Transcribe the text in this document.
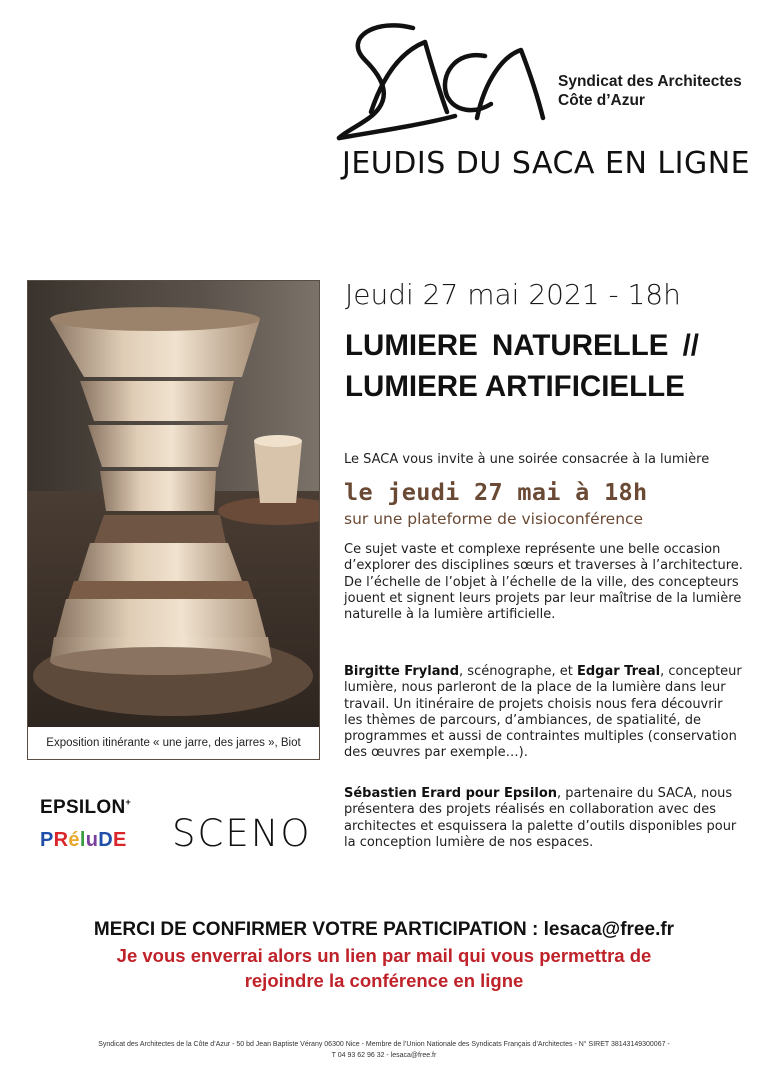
Syndicat des Architectes
Côte d’Azur
JEUDIS DU SACA EN LIGNE
Exposition itinérante « une jarre, des jarres », Biot
Jeudi 27 mai 2021 - 18h
LUMIERE NATURELLE //
LUMIERE ARTIFICIELLE
Le SACA vous invite à une soirée consacrée à la lumière
le jeudi 27 mai à 18h
sur une plateforme de visioconférence
Ce sujet vaste et complexe représente une belle occasion d’explorer des disciplines sœurs et traverses à l’architecture. De l’échelle de l’objet à l’échelle de la ville, des concepteurs jouent et signent leurs projets par leur maîtrise de la lumière naturelle à la lumière artificielle.
Birgitte Fryland, scénographe, et Edgar Treal, concepteur lumière, nous parleront de la place de la lumière dans leur travail. Un itinéraire de projets choisis nous fera découvrir les thèmes de parcours, d’ambiances, de spatialité, de programmes et aussi de contraintes multiples (conservation des œuvres par exemple…).
Sébastien Erard pour Epsilon, partenaire du SACA, nous présentera des projets réalisés en collaboration avec des architectes et esquissera la palette d’outils disponibles pour la conception lumière de nos espaces.
EPSILON+
PRéluDE SCENO
MERCI DE CONFIRMER VOTRE PARTICIPATION : lesaca@free.fr
Je vous enverrai alors un lien par mail qui vous permettra de
rejoindre la conférence en ligne
Syndicat des Architectes de la Côte d’Azur - 50 bd Jean Baptiste Vérany 06300 Nice - Membre de l’Union Nationale des Syndicats Français d’Architectes - N° SIRET 38143149300067 -
T 04 93 62 96 32 - lesaca@free.fr
